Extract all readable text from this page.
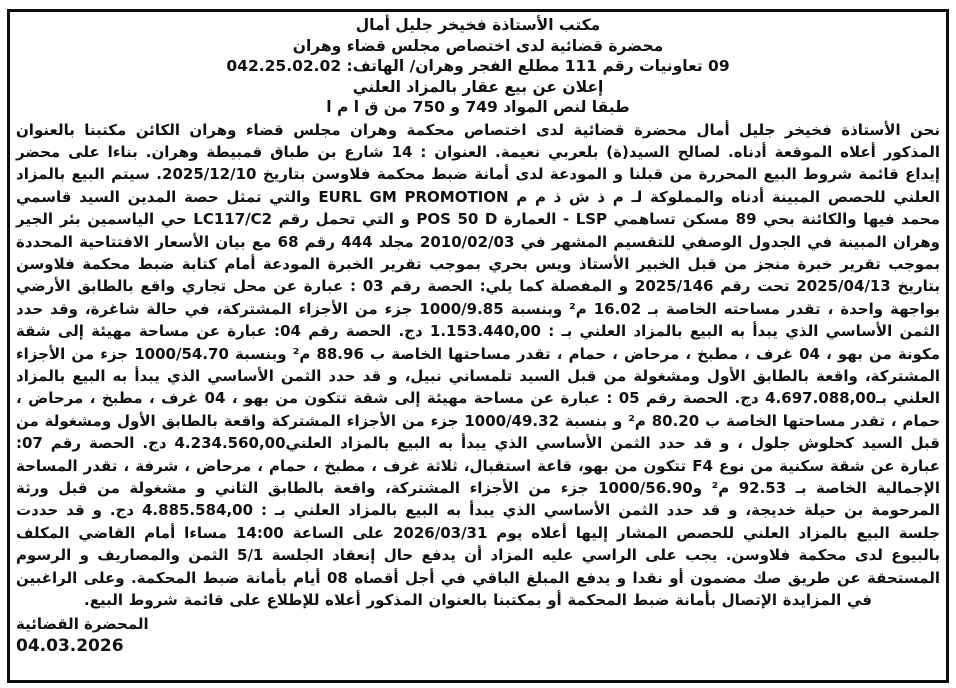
مكتب الأستاذة فخيخر جليل أمال
محضرة قضائية لدى اختصاص مجلس قضاء وهران
09 تعاونيات رقم 111 مطلع الفجر وهران/ الهاتف: 042.25.02.02
إعلان عن بيع عقار بالمزاد العلني
طبقا لنص المواد 749 و 750 من ق ا م ا

نحن الأستاذة فخيخر جليل أمال محضرة قضائية لدى اختصاص محكمة وهران مجلس قضاء وهران الكائن مكتبنا بالعنوان المذكور أعلاه الموقعة أدناه. لصالح السيد(ة) بلعربي نعيمة. العنوان : 14 شارع بن طباق قمبيطة وهران. بناءا على محضر إيداع قائمة شروط البيع المحررة من قبلنا و المودعة لدى أمانة ضبط محكمة فلاوسن بتاريخ 2025/12/10. سيتم البيع بالمزاد العلني للحصص المبينة أدناه والمملوكة لـ م ذ ش ذ م م EURL GM PROMOTION والتي تمثل حصة المدين السيد قاسمي محمد فيها والكائنة بحي 89 مسكن تساهمي LSP - العمارة POS 50 D و التي تحمل رقم LC117/C2 حي الياسمين بئر الجير وهران المبينة في الجدول الوصفي للتقسيم المشهر في 2010/02/03 مجلد 444 رقم 68 مع بيان الأسعار الافتتاحية المحددة بموجب تقرير خبرة منجز من قبل الخبير الأستاذ ويس بحري بموجب تقرير الخبرة المودعة أمام كتابة ضبط محكمة فلاوسن بتاريخ 2025/04/13 تحت رقم 2025/146 و المفصلة كما يلي: الحصة رقم 03 : عبارة عن محل تجاري واقع بالطابق الأرضي بواجهة واحدة ، تقدر مساحته الخاصة بـ 16.02 م² وبنسبة 1000/9.85 جزء من الأجزاء المشتركة، في حالة شاغرة، وقد حدد الثمن الأساسي الذي يبدأ به البيع بالمزاد العلني بـ : 1.153.440,00 دج. الحصة رقم 04: عبارة عن مساحة مهيئة إلى شقة مكونة من بهو ، 04 غرف ، مطبخ ، مرحاض ، حمام ، تقدر مساحتها الخاصة ب 88.96 م² وبنسبة 1000/54.70 جزء من الأجزاء المشتركة، واقعة بالطابق الأول ومشغولة من قبل السيد تلمساني نبيل، و قد حدد الثمن الأساسي الذي يبدأ به البيع بالمزاد العلني بـ4.697.088,00 دج. الحصة رقم 05 : عبارة عن مساحة مهيئة إلى شقة تتكون من بهو ، 04 غرف ، مطبخ ، مرحاض ، حمام ، تقدر مساحتها الخاصة ب 80.20 م² و بنسبة 1000/49.32 جزء من الأجزاء المشتركة واقعة بالطابق الأول ومشغولة من قبل السيد كحلوش جلول ، و قد حدد الثمن الأساسي الذي يبدأ به البيع بالمزاد العلني4.234.560,00 دج. الحصة رقم 07: عبارة عن شقة سكنية من نوع F4 تتكون من بهو، قاعة استقبال، ثلاثة غرف ، مطبخ ، حمام ، مرحاض ، شرفة ، تقدر المساحة الإجمالية الخاصة بـ 92.53 م² و1000/56.90 جزء من الأجزاء المشتركة، واقعة بالطابق الثاني و مشغولة من قبل ورثة المرحومة بن حيلة خديجة، و قد حدد الثمن الأساسي الذي يبدأ به البيع بالمزاد العلني بـ : 4.885.584,00 دج. و قد حددت جلسة البيع بالمزاد العلني للحصص المشار إليها أعلاه يوم 2026/03/31 على الساعة 14:00 مساءا أمام القاضي المكلف بالبيوع لدى محكمة فلاوسن. يجب على الراسي عليه المزاد أن يدفع حال إنعقاد الجلسة 5/1 الثمن والمصاريف و الرسوم المستحقة عن طريق صك مضمون أو نقدا و يدفع المبلغ الباقي في أجل أقصاه 08 أيام بأمانة ضبط المحكمة. وعلى الراغبين في المزايدة الإتصال بأمانة ضبط المحكمة أو بمكتبنا بالعنوان المذكور أعلاه للإطلاع على قائمة شروط البيع.

المحضرة القضائية
04.03.2026
